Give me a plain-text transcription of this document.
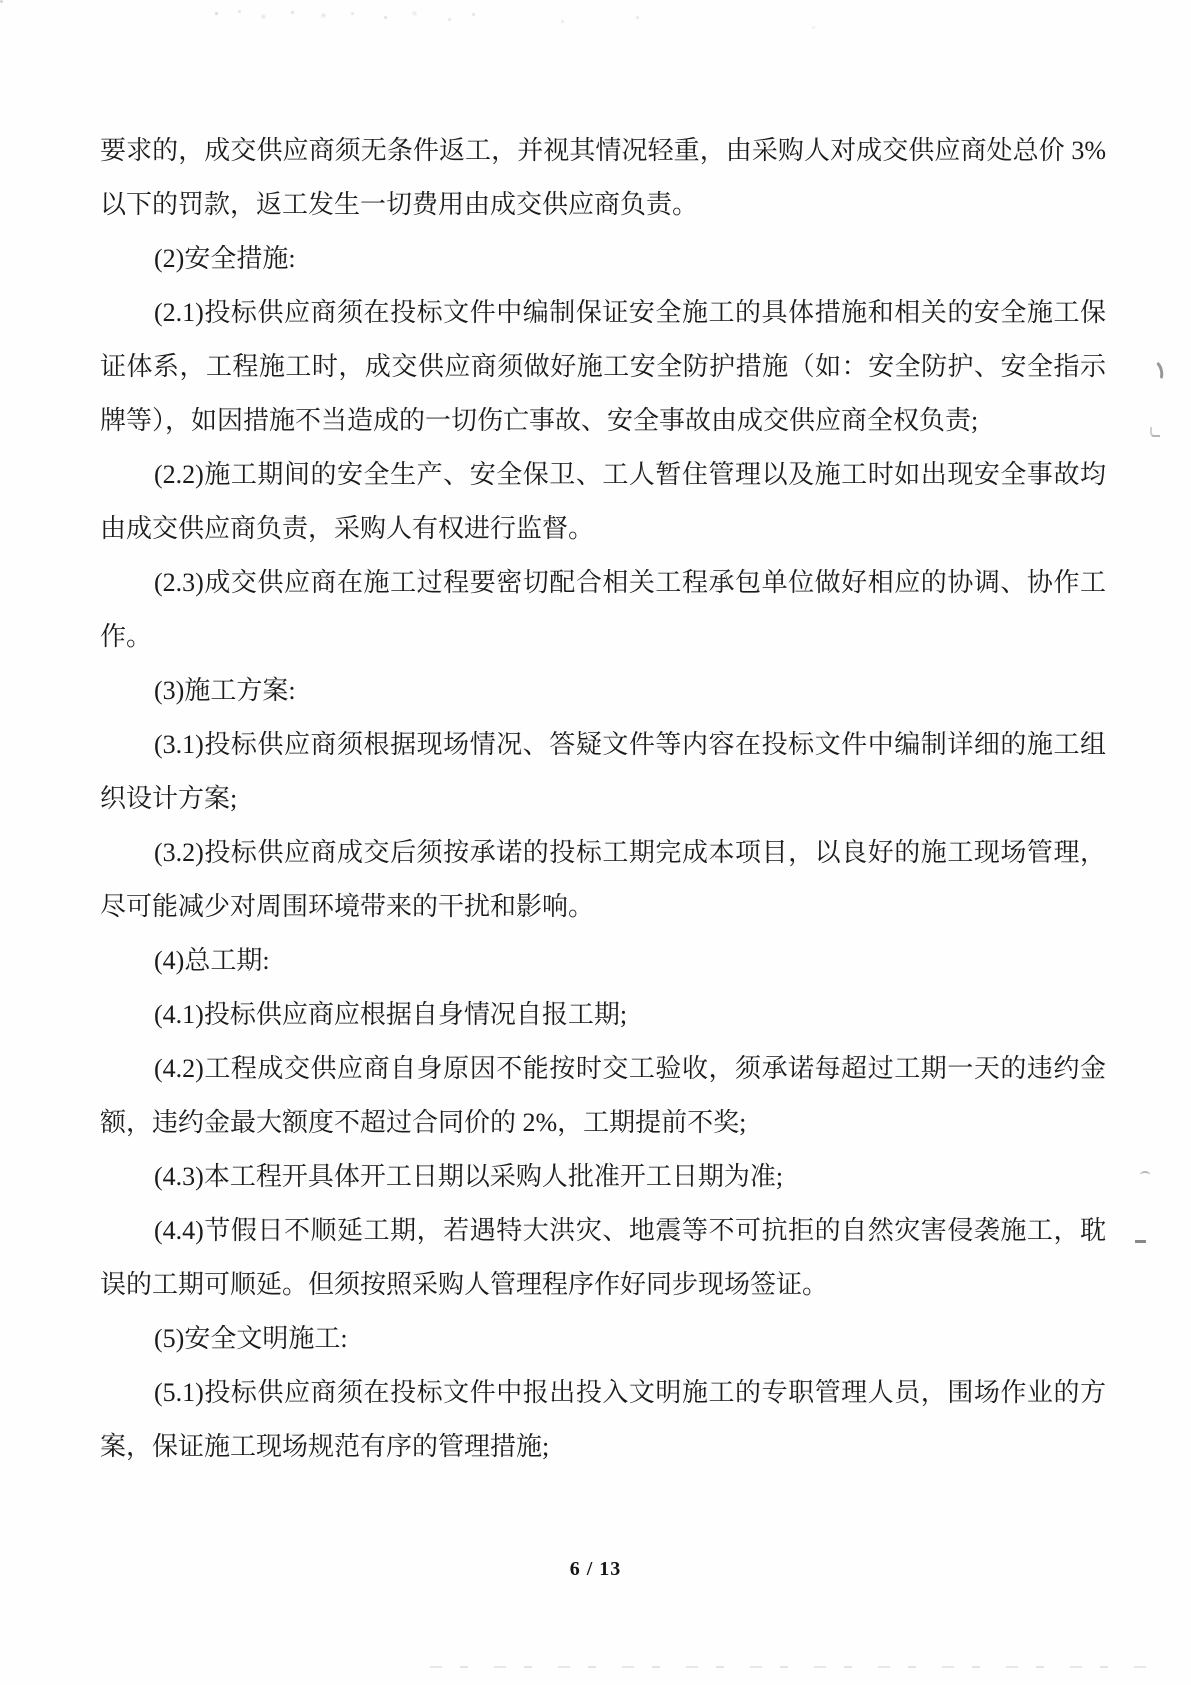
要求的，成交供应商须无条件返工，并视其情况轻重，由采购人对成交供应商处总价 3%以下的罚款，返工发生一切费用由成交供应商负责。

(2)安全措施:

(2.1)投标供应商须在投标文件中编制保证安全施工的具体措施和相关的安全施工保证体系，工程施工时，成交供应商须做好施工安全防护措施（如：安全防护、安全指示牌等），如因措施不当造成的一切伤亡事故、安全事故由成交供应商全权负责;

(2.2)施工期间的安全生产、安全保卫、工人暂住管理以及施工时如出现安全事故均由成交供应商负责，采购人有权进行监督。

(2.3)成交供应商在施工过程要密切配合相关工程承包单位做好相应的协调、协作工作。

(3)施工方案:

(3.1)投标供应商须根据现场情况、答疑文件等内容在投标文件中编制详细的施工组织设计方案;

(3.2)投标供应商成交后须按承诺的投标工期完成本项目，以良好的施工现场管理，尽可能减少对周围环境带来的干扰和影响。

(4)总工期:

(4.1)投标供应商应根据自身情况自报工期;

(4.2)工程成交供应商自身原因不能按时交工验收，须承诺每超过工期一天的违约金额，违约金最大额度不超过合同价的 2%，工期提前不奖;

(4.3)本工程开具体开工日期以采购人批准开工日期为准;

(4.4)节假日不顺延工期，若遇特大洪灾、地震等不可抗拒的自然灾害侵袭施工，耽误的工期可顺延。但须按照采购人管理程序作好同步现场签证。

(5)安全文明施工:

(5.1)投标供应商须在投标文件中报出投入文明施工的专职管理人员，围场作业的方案，保证施工现场规范有序的管理措施;

6 / 13
